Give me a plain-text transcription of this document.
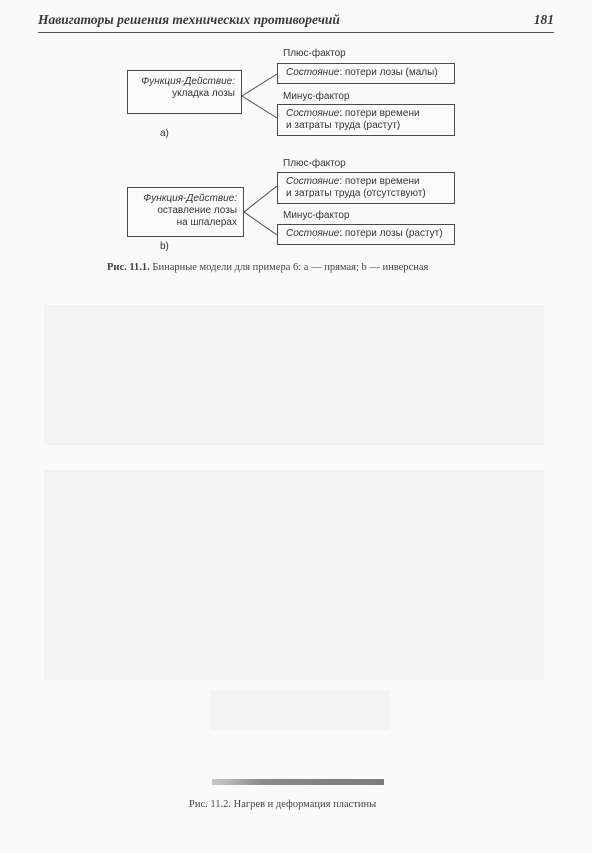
Навигаторы решения технических противоречий	181
Плюс-фактор
Функция-Действие:
укладка лозы
Состояние: потери лозы (малы)
Минус-фактор
Состояние: потери времени
и затраты труда (растут)
a)
Плюс-фактор
Состояние: потери времени
и затраты труда (отсутствуют)
Функция-Действие:
оставление лозы
на шпалерах
Минус-фактор
Состояние: потери лозы (растут)
b)
Рис. 11.1. Бинарные модели для примера 6: а — прямая; b — инверсная
Рис. 11.2. Нагрев и деформация пластины
